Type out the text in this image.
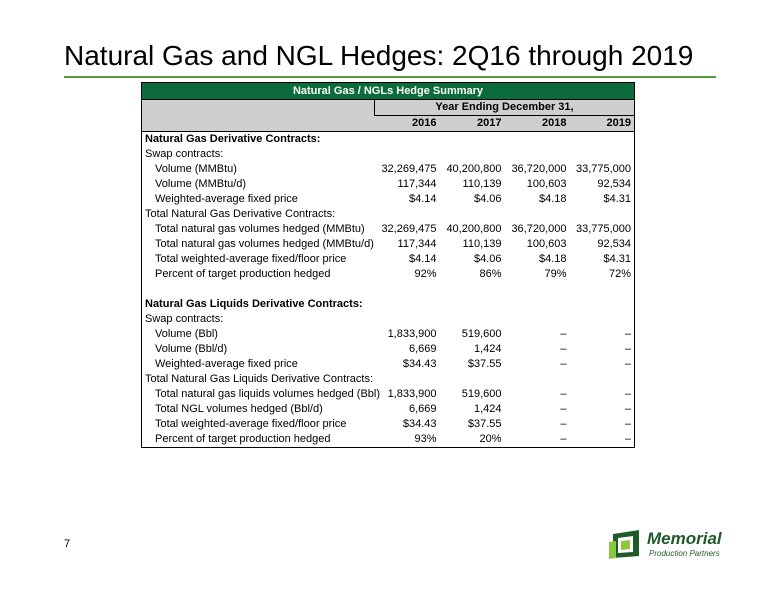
Natural Gas and NGL Hedges: 2Q16 through 2019
Natural Gas / NGLs Hedge Summary				
	Year Ending December 31,			
	2016	2017	2018	2019
Natural Gas Derivative Contracts:				
Swap contracts:				
Volume (MMBtu)	32,269,475	40,200,800	36,720,000	33,775,000
Volume (MMBtu/d)	117,344	110,139	100,603	92,534
Weighted-average fixed price	$4.14	$4.06	$4.18	$4.31
Total Natural Gas Derivative Contracts:				
Total natural gas volumes hedged (MMBtu)	32,269,475	40,200,800	36,720,000	33,775,000
Total natural gas volumes hedged (MMBtu/d)	117,344	110,139	100,603	92,534
Total weighted-average fixed/floor price	$4.14	$4.06	$4.18	$4.31
Percent of target production hedged	92%	86%	79%	72%

Natural Gas Liquids Derivative Contracts:				
Swap contracts:				
Volume (Bbl)	1,833,900	519,600	–	–
Volume (Bbl/d)	6,669	1,424	–	–
Weighted-average fixed price	$34.43	$37.55	–	–
Total Natural Gas Liquids Derivative Contracts:				
Total natural gas liquids volumes hedged (Bbl)	1,833,900	519,600	–	–
Total NGL volumes hedged (Bbl/d)	6,669	1,424	–	–
Total weighted-average fixed/floor price	$34.43	$37.55	–	–
Percent of target production hedged	93%	20%	–	–
7	Memorial
Production Partners
